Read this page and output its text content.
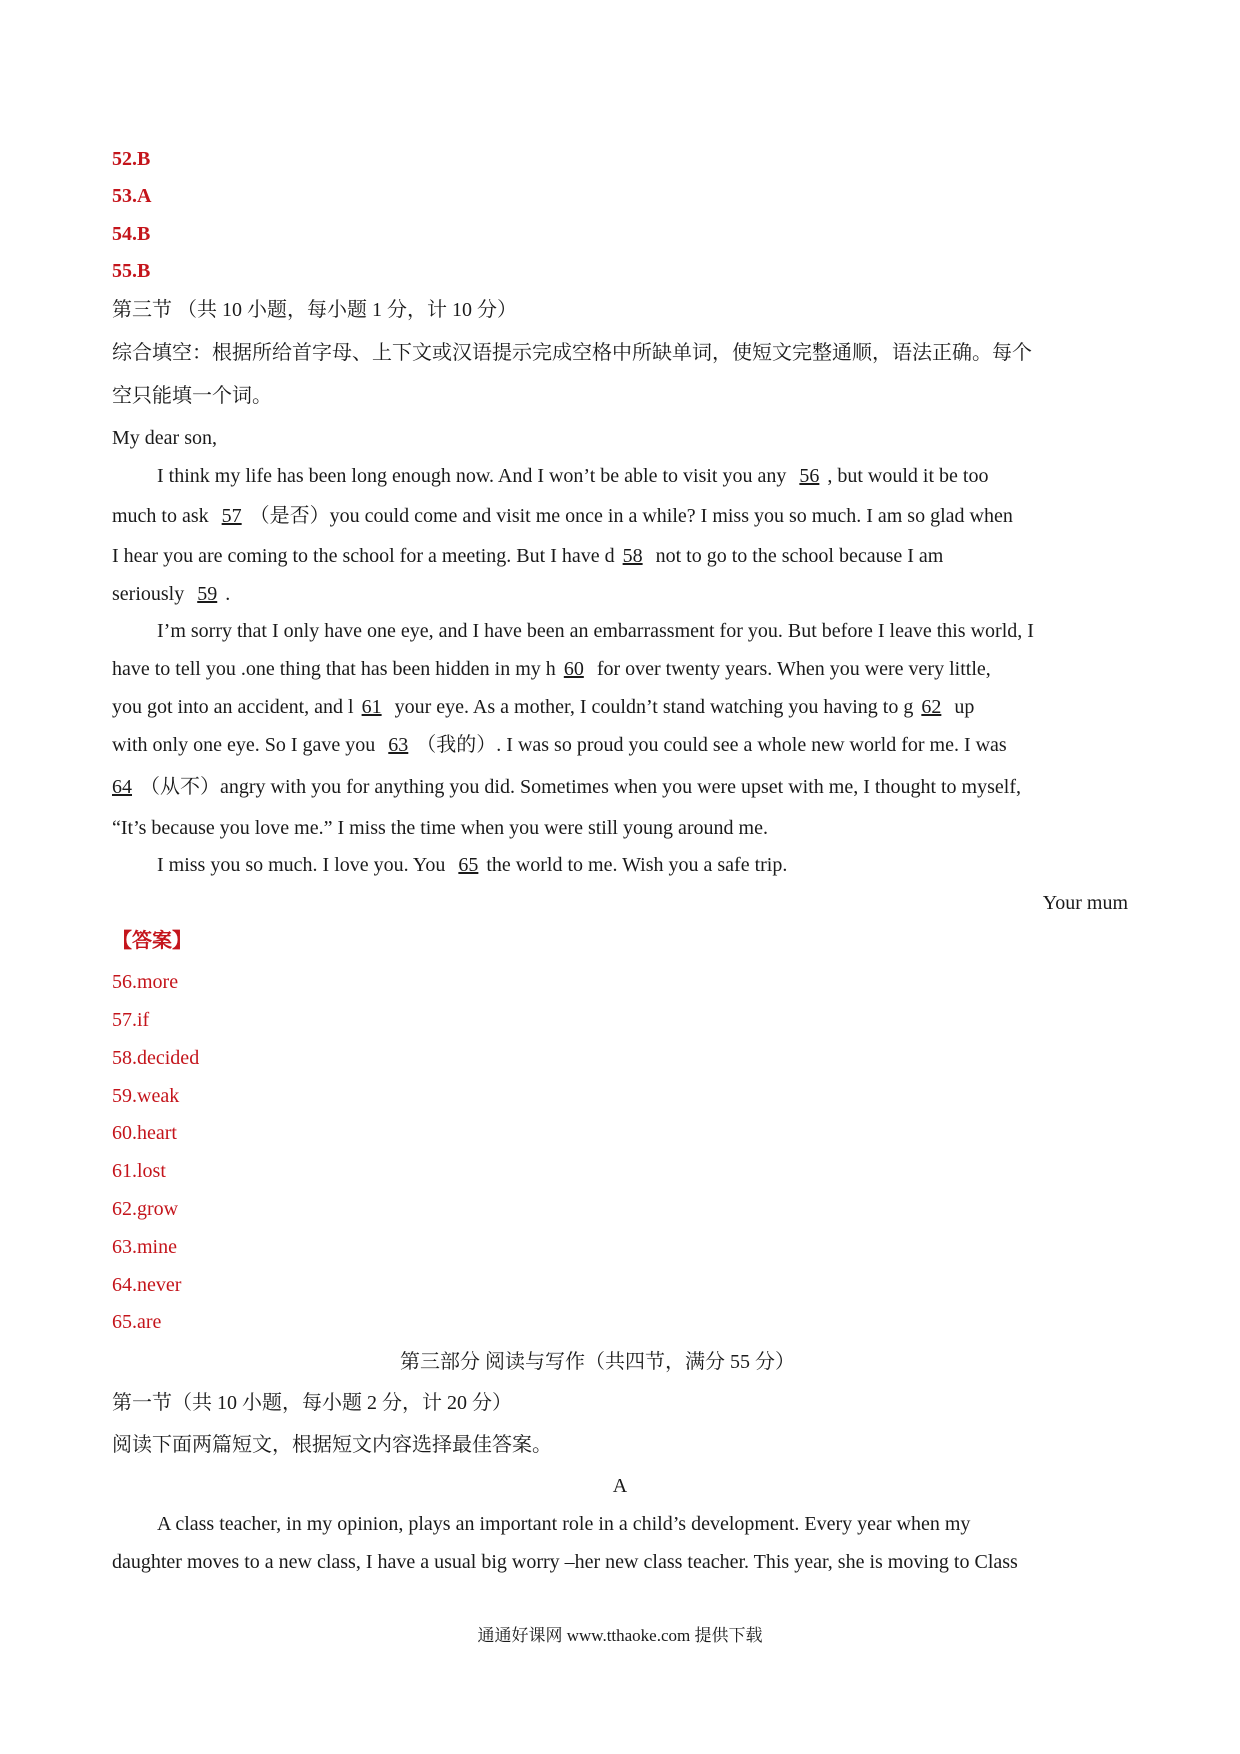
52.B
53.A
54.B
55.B
第三节 （共 10 小题，每小题 1 分，计 10 分）
综合填空：根据所给首字母、上下文或汉语提示完成空格中所缺单词，使短文完整通顺，语法正确。每个
空只能填一个词。
My dear son,
I think my life has been long enough now. And I won’t be able to visit you any 56 , but would it be too
much to ask 57 （是否）you could come and visit me once in a while? I miss you so much. I am so glad when
I hear you are coming to the school for a meeting. But I have d 58 not to go to the school because I am
seriously 59 .
I’m sorry that I only have one eye, and I have been an embarrassment for you. But before I leave this world, I
have to tell you .one thing that has been hidden in my h 60 for over twenty years. When you were very little,
you got into an accident, and l 61 your eye. As a mother, I couldn’t stand watching you having to g 62 up
with only one eye. So I gave you 63 （我的）. I was so proud you could see a whole new world for me. I was
64 （从不）angry with you for anything you did. Sometimes when you were upset with me, I thought to myself,
“It’s because you love me.” I miss the time when you were still young around me.
I miss you so much. I love you. You 65 the world to me. Wish you a safe trip.
Your mum
【答案】
56.more
57.if
58.decided
59.weak
60.heart
61.lost
62.grow
63.mine
64.never
65.are
第三部分 阅读与写作（共四节，满分 55 分）
第一节（共 10 小题，每小题 2 分，计 20 分）
阅读下面两篇短文，根据短文内容选择最佳答案。
A
A class teacher, in my opinion, plays an important role in a child’s development. Every year when my
daughter moves to a new class, I have a usual big worry –her new class teacher. This year, she is moving to Class
通通好课网 www.tthaoke.com 提供下载
